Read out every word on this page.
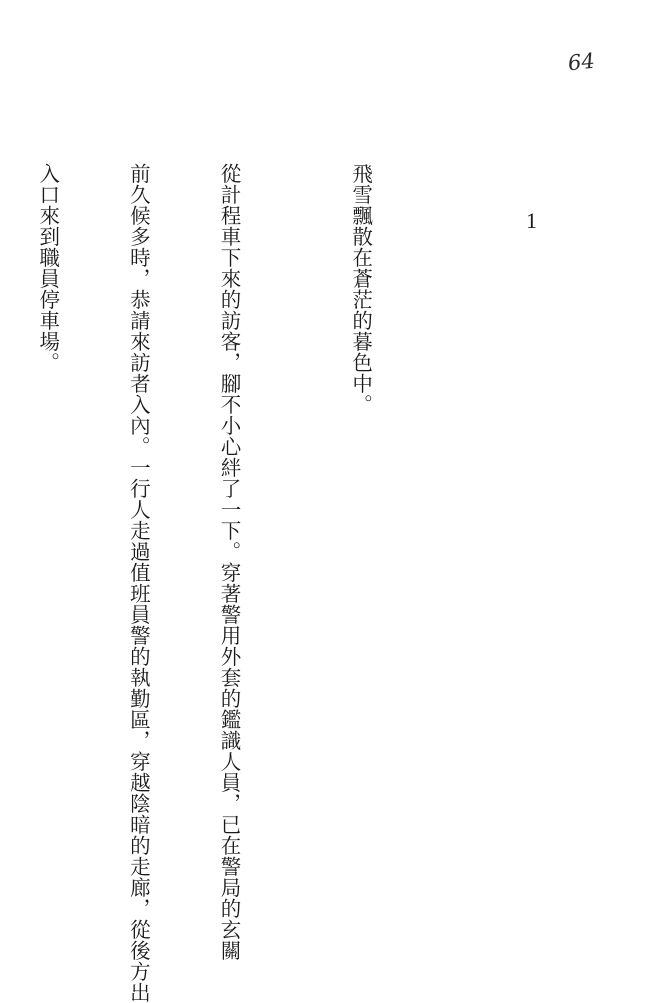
64
1

飛雪飄散在蒼茫的暮色中。

從計程車下來的訪客，腳不小心絆了一下。穿著警用外套的鑑識人員，已在警局的玄關

前久候多時，恭請來訪者入內。一行人走過值班員警的執勤區，穿越陰暗的走廊，從後方出

入口來到職員停車場。
